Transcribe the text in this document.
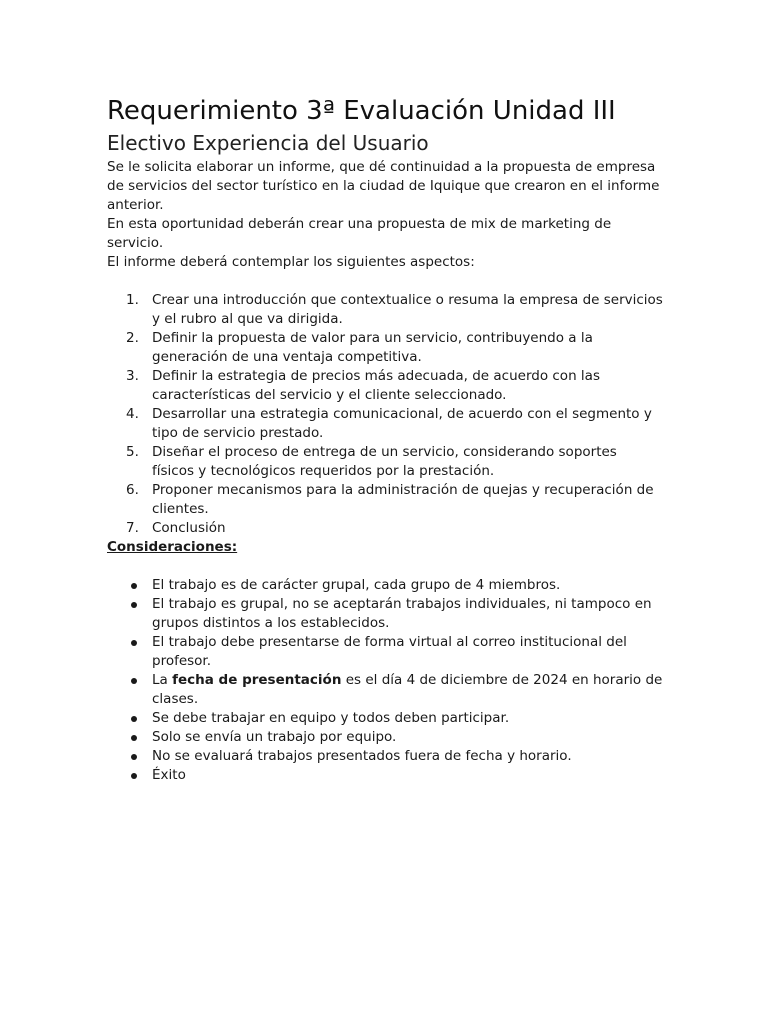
Requerimiento 3ª Evaluación Unidad III
Electivo Experiencia del Usuario

Se le solicita elaborar un informe, que dé continuidad a la propuesta de empresa de servicios del sector turístico en la ciudad de Iquique que crearon en el informe anterior.

En esta oportunidad deberán crear una propuesta de mix de marketing de servicio.

El informe deberá contemplar los siguientes aspectos:

1. Crear una introducción que contextualice o resuma la empresa de servicios y el rubro al que va dirigida.
2. Definir la propuesta de valor para un servicio, contribuyendo a la generación de una ventaja competitiva.
3. Definir la estrategia de precios más adecuada, de acuerdo con las características del servicio y el cliente seleccionado.
4. Desarrollar una estrategia comunicacional, de acuerdo con el segmento y tipo de servicio prestado.
5. Diseñar el proceso de entrega de un servicio, considerando soportes físicos y tecnológicos requeridos por la prestación.
6. Proponer mecanismos para la administración de quejas y recuperación de clientes.
7. Conclusión

Consideraciones:

El trabajo es de carácter grupal, cada grupo de 4 miembros.
El trabajo es grupal, no se aceptarán trabajos individuales, ni tampoco en grupos distintos a los establecidos.
El trabajo debe presentarse de forma virtual al correo institucional del profesor.
La fecha de presentación es el día 4 de diciembre de 2024 en horario de clases.
Se debe trabajar en equipo y todos deben participar.
Solo se envía un trabajo por equipo.
No se evaluará trabajos presentados fuera de fecha y horario.
Éxito
